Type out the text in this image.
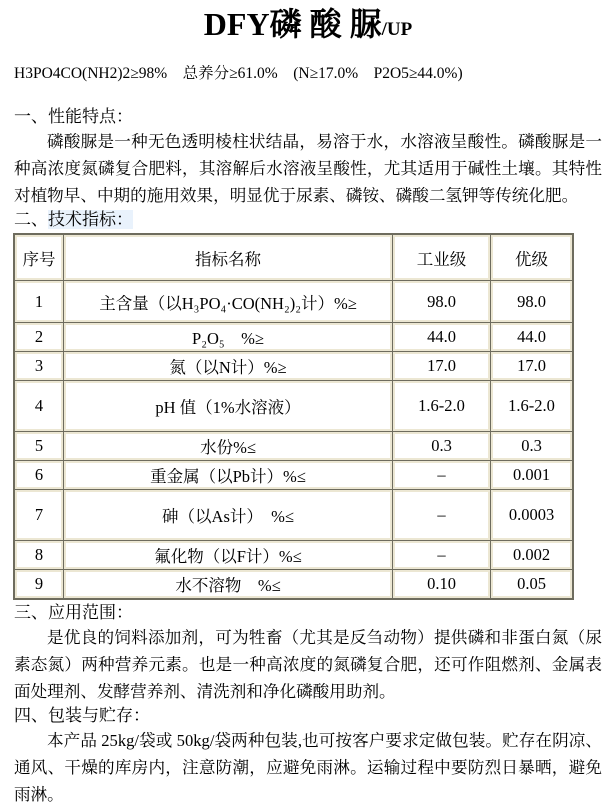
DFY磷 酸 脲/UP
H3PO4CO(NH2)2≥98%　总养分≥61.0%　(N≥17.0%　P2O5≥44.0%)
一、性能特点：
磷酸脲是一种无色透明棱柱状结晶，易溶于水，水溶液呈酸性。磷酸脲是一种高浓度氮磷复合肥料，其溶解后水溶液呈酸性，尤其适用于碱性土壤。其特性对植物早、中期的施用效果，明显优于尿素、磷铵、磷酸二氢钾等传统化肥。
二、技术指标：
序号	指标名称	工业级	优级
1	主含量（以H₃PO₄·CO(NH₂)₂计）%≥	98.0	98.0
2	P₂O₅　%≥	44.0	44.0
3	氮（以N计）%≥	17.0	17.0
4	pH 值（1%水溶液）	1.6-2.0	1.6-2.0
5	水份%≤	0.3	0.3
6	重金属（以Pb计）%≤	–	0.001
7	砷（以As计）　%≤	–	0.0003
8	氟化物（以F计）%≤	–	0.002
9	水不溶物　%≤	0.10	0.05
三、应用范围：
是优良的饲料添加剂，可为牲畜（尤其是反刍动物）提供磷和非蛋白氮（尿素态氮）两种营养元素。也是一种高浓度的氮磷复合肥，还可作阻燃剂、金属表面处理剂、发酵营养剂、清洗剂和净化磷酸用助剂。
四、包装与贮存：
本产品 25kg/袋或 50kg/袋两种包装,也可按客户要求定做包装。贮存在阴凉、通风、干燥的库房内，注意防潮，应避免雨淋。运输过程中要防烈日暴晒，避免雨淋。
